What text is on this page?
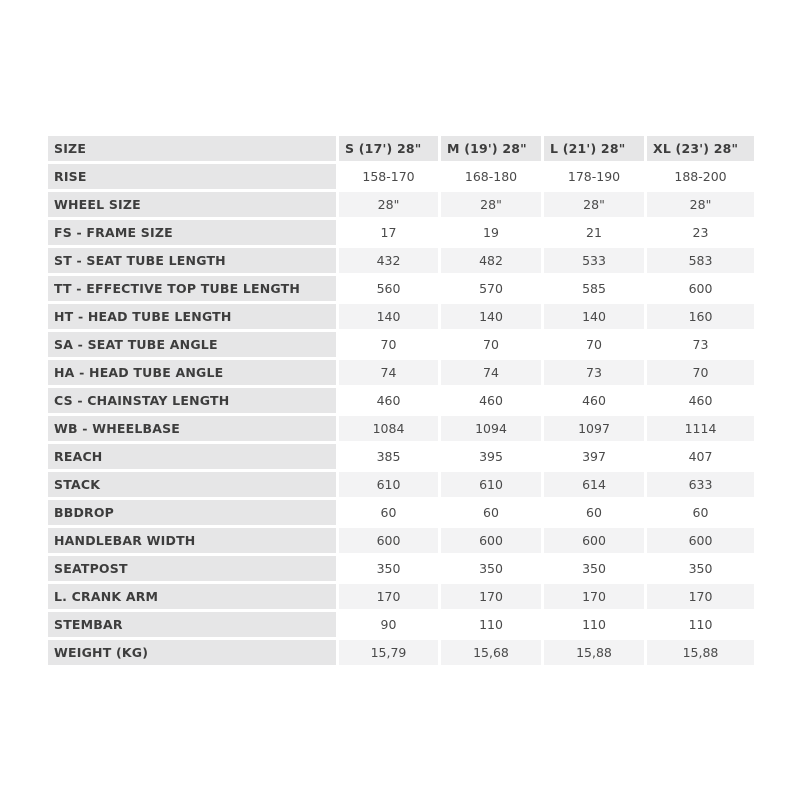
SIZE	S (17') 28"	M (19') 28"	L (21') 28"	XL (23') 28"
RISE	158-170	168-180	178-190	188-200
WHEEL SIZE	28"	28"	28"	28"
FS - FRAME SIZE	17	19	21	23
ST - SEAT TUBE LENGTH	432	482	533	583
TT - EFFECTIVE TOP TUBE LENGTH	560	570	585	600
HT - HEAD TUBE LENGTH	140	140	140	160
SA - SEAT TUBE ANGLE	70	70	70	73
HA - HEAD TUBE ANGLE	74	74	73	70
CS - CHAINSTAY LENGTH	460	460	460	460
WB - WHEELBASE	1084	1094	1097	1114
REACH	385	395	397	407
STACK	610	610	614	633
BBDROP	60	60	60	60
HANDLEBAR WIDTH	600	600	600	600
SEATPOST	350	350	350	350
L. CRANK ARM	170	170	170	170
STEMBAR	90	110	110	110
WEIGHT (KG)	15,79	15,68	15,88	15,88
